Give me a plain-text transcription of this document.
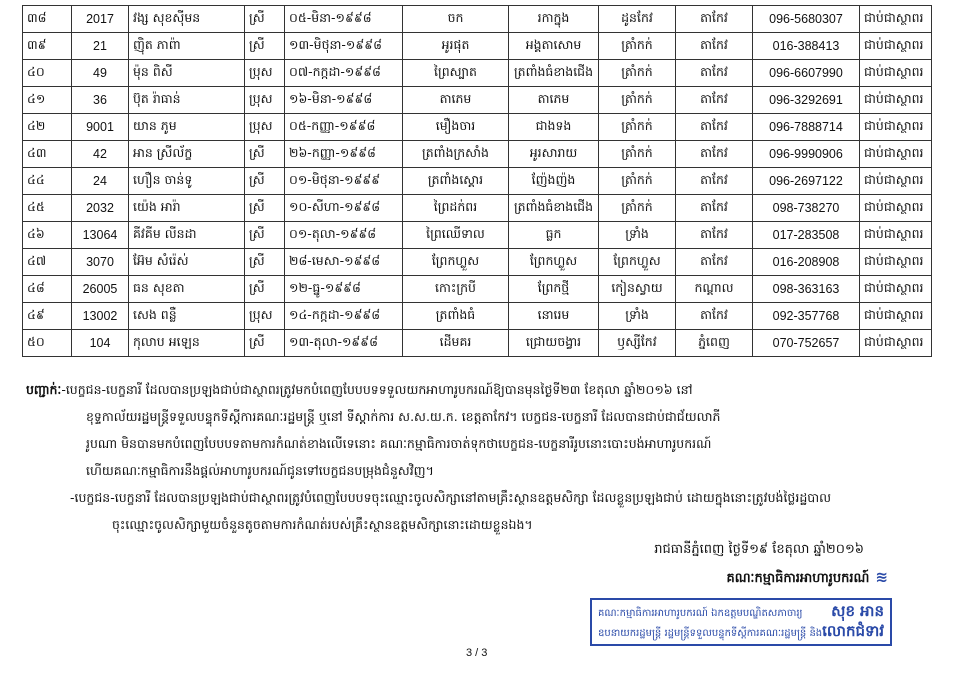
៣៨	2017	វង្ស សុខស៊ីមន	ស្រី	០៥-មិនា-១៩៩៨	ចក	រកាក្នុង	ដូនកែវ	តាកែវ	096-5680307	ជាប់ជាស្ថាពរ
៣៩	21	ញ៉ិត ភាព៉ា	ស្រី	១៣-មិថុនា-១៩៩៨	អូរផុត	អង្គតាសោម	ត្រាំកក់	តាកែវ	016-388413	ជាប់ជាស្ថាពរ
៤០	49	ម៉ុន ពិសី	ប្រុស	០៧-កក្កដា-១៩៩៨	ព្រៃស្បាត	ត្រពាំងធំខាងជើង	ត្រាំកក់	តាកែវ	096-6607990	ជាប់ជាស្ថាពរ
៤១	36	ប៊ុត រ៉ាធាន់	ប្រុស	១៦-មិនា-១៩៩៨	តាភេម	តាភេម	ត្រាំកក់	តាកែវ	096-3292691	ជាប់ជាស្ថាពរ
៤២	9001	យាន ភូម	ប្រុស	០៥-កញ្ញា-១៩៩៨	មឿងចារ	ជាងទង	ត្រាំកក់	តាកែវ	096-7888714	ជាប់ជាស្ថាពរ
៤៣	42	អាន ស្រីល័ក្ខ	ស្រី	២៦-កញ្ញា-១៩៩៨	ត្រពាំងក្រសាំង	អូរសារាយ	ត្រាំកក់	តាកែវ	096-9990906	ជាប់ជាស្ថាពរ
៤៤	24	ហឿន ចាន់ទូ	ស្រី	០១-មិថុនា-១៩៩៩	ត្រពាំងស្គោរ	ញ៉ែងញ៉ង	ត្រាំកក់	តាកែវ	096-2697122	ជាប់ជាស្ថាពរ
៤៥	2032	យ៉េង អារ៉ា	ស្រី	១០-សីហា-១៩៩៨	ព្រៃដក់ពរ	ត្រពាំងធំខាងជើង	ត្រាំកក់	តាកែវ	098-738270	ជាប់ជាស្ថាពរ
៤៦	13064	គីវគីម លីនដា	ស្រី	០១-តុលា-១៩៩៨	ព្រៃឈើទាល	ធ្លក	ទ្រាំង	តាកែវ	017-283508	ជាប់ជាស្ថាពរ
៤៧	3070	អ៊ែម សំរ៉េស់	ស្រី	២៨-មេសា-១៩៩៨	ព្រែកហ្លួស	ព្រែកហ្លួស	ព្រែកហ្លួស	តាកែវ	016-208908	ជាប់ជាស្ថាពរ
៤៨	26005	ធន សុខតា	ស្រី	១២-ធ្នូ-១៩៩៨	កោះក្របី	ព្រែកថ្មី	កៀនស្វាយ	កណ្តាល	098-363163	ជាប់ជាស្ថាពរ
៤៩	13002	សេង ពន្លឺ	ប្រុស	១៤-កក្កដា-១៩៩៨	ត្រពាំងធំ	នោរេម	ទ្រាំង	តាកែវ	092-357768	ជាប់ជាស្ថាពរ
៥០	104	កុលាប អឡេន	ស្រី	១៣-តុលា-១៩៩៨	ដើមគរ	ជ្រោយចង្វារ	ឫស្សីកែវ	ភ្នំពេញ	070-752657	ជាប់ជាស្ថាពរ

បញ្ជាក់ៈ-បេក្ខជន-បេក្ខនារី ដែលបានប្រឡងជាប់ជាស្ថាពរត្រូវមកបំពេញបែបបទទទួលយកអាហារូបករណ៍ឱ្យបានមុនថ្ងៃទី២៣ ខែតុលា ឆ្នាំ២០១៦ នៅ

ខុទ្ទកាល័យរដ្ឋមន្ត្រីទទួលបន្ទុកទីស្តីការគណៈរដ្ឋមន្ត្រី ឬនៅ ទីស្តាក់ការ ស.ស.យ.ក. ខេត្តតាកែវ។ បេក្ខជន-បេក្ខនារី ដែលបានជាប់ជាជ័យលាភី

រូបណា មិនបានមកបំពេញបែបបទតាមការកំណត់ខាងលើទេនោះ គណៈកម្មាធិការចាត់ទុកថាបេក្ខជន-បេក្ខនារីរូបនោះបោះបង់អាហារូបករណ៍

ហើយគណៈកម្មាធិការនឹងផ្តល់អាហារូបករណ៍ជូនទៅបេក្ខជនបម្រុងជំនួសវិញ។

-បេក្ខជន-បេក្ខនារី ដែលបានប្រឡងជាប់ជាស្ថាពរត្រូវបំពេញបែបបទចុះឈ្មោះចូលសិក្សានៅតាមគ្រឹះស្ថានឧត្តមសិក្សា ដែលខ្លួនប្រឡងជាប់ ដោយក្នុងនោះត្រូវបង់ថ្លៃរដ្ឋបាល

ចុះឈ្មោះចូលសិក្សាមួយចំនួនតូចតាមការកំណត់របស់គ្រឹះស្ថានឧត្តមសិក្សានោះដោយខ្លួនឯង។

រាជធានីភ្នំពេញ ថ្ងៃទី១៩ ខែតុលា ឆ្នាំ២០១៦
គណៈកម្មាធិការអាហារូបករណ៍ ≋
គណៈកម្មាធិការអាហារូបករណ៍ ឯកឧត្តមបណ្ឌិតសភាចារ្យ សុខ អាន
ឧបនាយករដ្ឋមន្ត្រី រដ្ឋមន្ត្រីទទួលបន្ទុកទីស្តីការគណៈរដ្ឋមន្ត្រី និង លោកជំទាវ
3 / 3
